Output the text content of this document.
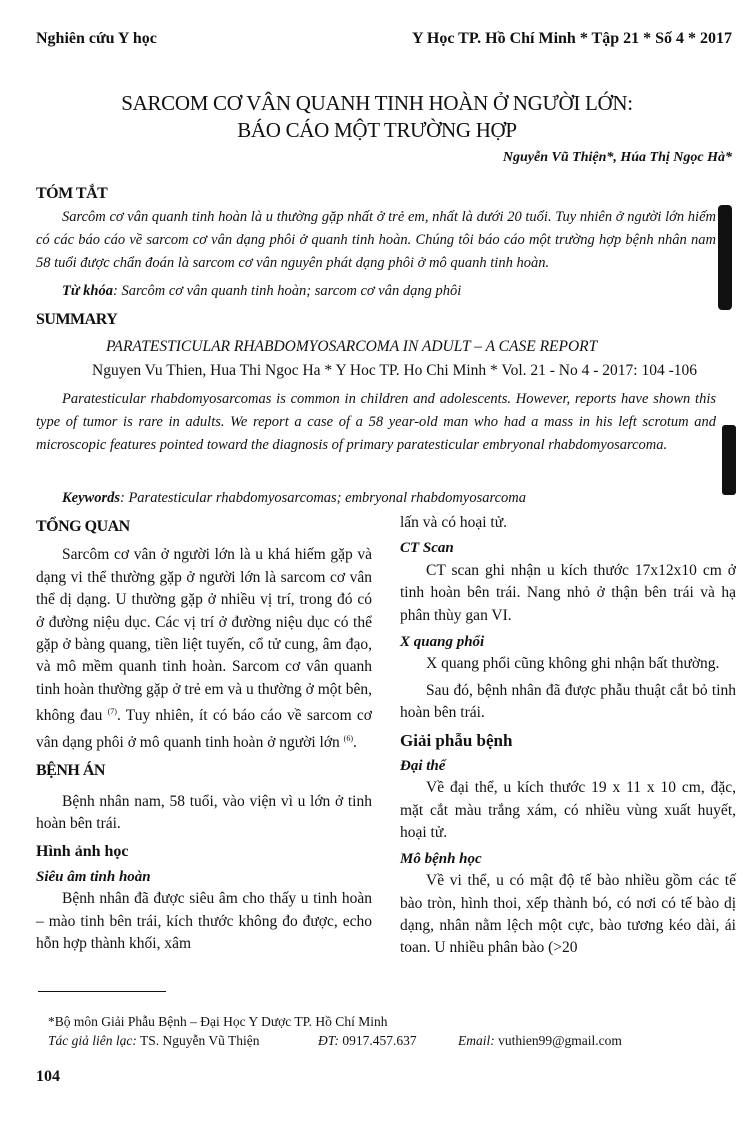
Nghiên cứu Y học	Y Học TP. Hồ Chí Minh * Tập 21 * Số 4 * 2017
SARCOM CƠ VÂN QUANH TINH HOÀN Ở NGƯỜI LỚN:
BÁO CÁO MỘT TRƯỜNG HỢP
Nguyễn Vũ Thiện*, Húa Thị Ngọc Hà*
TÓM TẮT

Sarcôm cơ vân quanh tinh hoàn là u thường gặp nhất ở trẻ em, nhất là dưới 20 tuổi. Tuy nhiên ở người lớn hiếm có các báo cáo về sarcom cơ vân dạng phôi ở quanh tinh hoàn. Chúng tôi báo cáo một trường hợp bệnh nhân nam 58 tuổi được chẩn đoán là sarcom cơ vân nguyên phát dạng phôi ở mô quanh tinh hoàn.

Từ khóa: Sarcôm cơ vân quanh tinh hoàn; sarcom cơ vân dạng phôi
SUMMARY
PARATESTICULAR RHABDOMYOSARCOMA IN ADULT – A CASE REPORT
Nguyen Vu Thien, Hua Thi Ngoc Ha * Y Hoc TP. Ho Chi Minh * Vol. 21 - No 4 - 2017: 104 -106

Paratesticular rhabdomyosarcomas is common in children and adolescents. However, reports have shown this type of tumor is rare in adults. We report a case of a 58 year-old man who had a mass in his left scrotum and microscopic features pointed toward the diagnosis of primary paratesticular embryonal rhabdomyosarcoma.

Keywords: Paratesticular rhabdomyosarcomas; embryonal rhabdomyosarcoma
TỔNG QUAN

Sarcôm cơ vân ở người lớn là u khá hiếm gặp và dạng vi thể thường gặp ở người lớn là sarcom cơ vân thể dị dạng. U thường gặp ở nhiều vị trí, trong đó có ở đường niệu dục. Các vị trí ở đường niệu dục có thể gặp ở bàng quang, tiền liệt tuyến, cổ tử cung, âm đạo, và mô mềm quanh tinh hoàn. Sarcom cơ vân quanh tinh hoàn thường gặp ở trẻ em và u thường ở một bên, không đau $^{(7)}$. Tuy nhiên, ít có báo cáo về sarcom cơ vân dạng phôi ở mô quanh tinh hoàn ở người lớn $^{(6)}$.

BỆNH ÁN

Bệnh nhân nam, 58 tuổi, vào viện vì u lớn ở tinh hoàn bên trái.

Hình ảnh học
Siêu âm tinh hoàn

Bệnh nhân đã được siêu âm cho thấy u tinh hoàn – mào tinh bên trái, kích thước không đo được, echo hỗn hợp thành khối, xâm

lấn và có hoại tử.
CT Scan

CT scan ghi nhận u kích thước 17x12x10 cm ở tinh hoàn bên trái. Nang nhỏ ở thận bên trái và hạ phân thùy gan VI.

X quang phổi

X quang phổi cũng không ghi nhận bất thường.

Sau đó, bệnh nhân đã được phẫu thuật cắt bỏ tinh hoàn bên trái.

Giải phẫu bệnh
Đại thể

Về đại thể, u kích thước 19 x 11 x 10 cm, đặc, mặt cắt màu trắng xám, có nhiều vùng xuất huyết, hoại tử.

Mô bệnh học

Về vi thể, u có mật độ tế bào nhiều gồm các tế bào tròn, hình thoi, xếp thành bó, có nơi có tế bào dị dạng, nhân nằm lệch một cực, bào tương kéo dài, ái toan. U nhiều phân bào (>20

*Bộ môn Giải Phẫu Bệnh – Đại Học Y Dược TP. Hồ Chí Minh
Tác giả liên lạc: TS. Nguyễn Vũ Thiện	ĐT: 0917.457.637	Email: vuthien99@gmail.com
104
